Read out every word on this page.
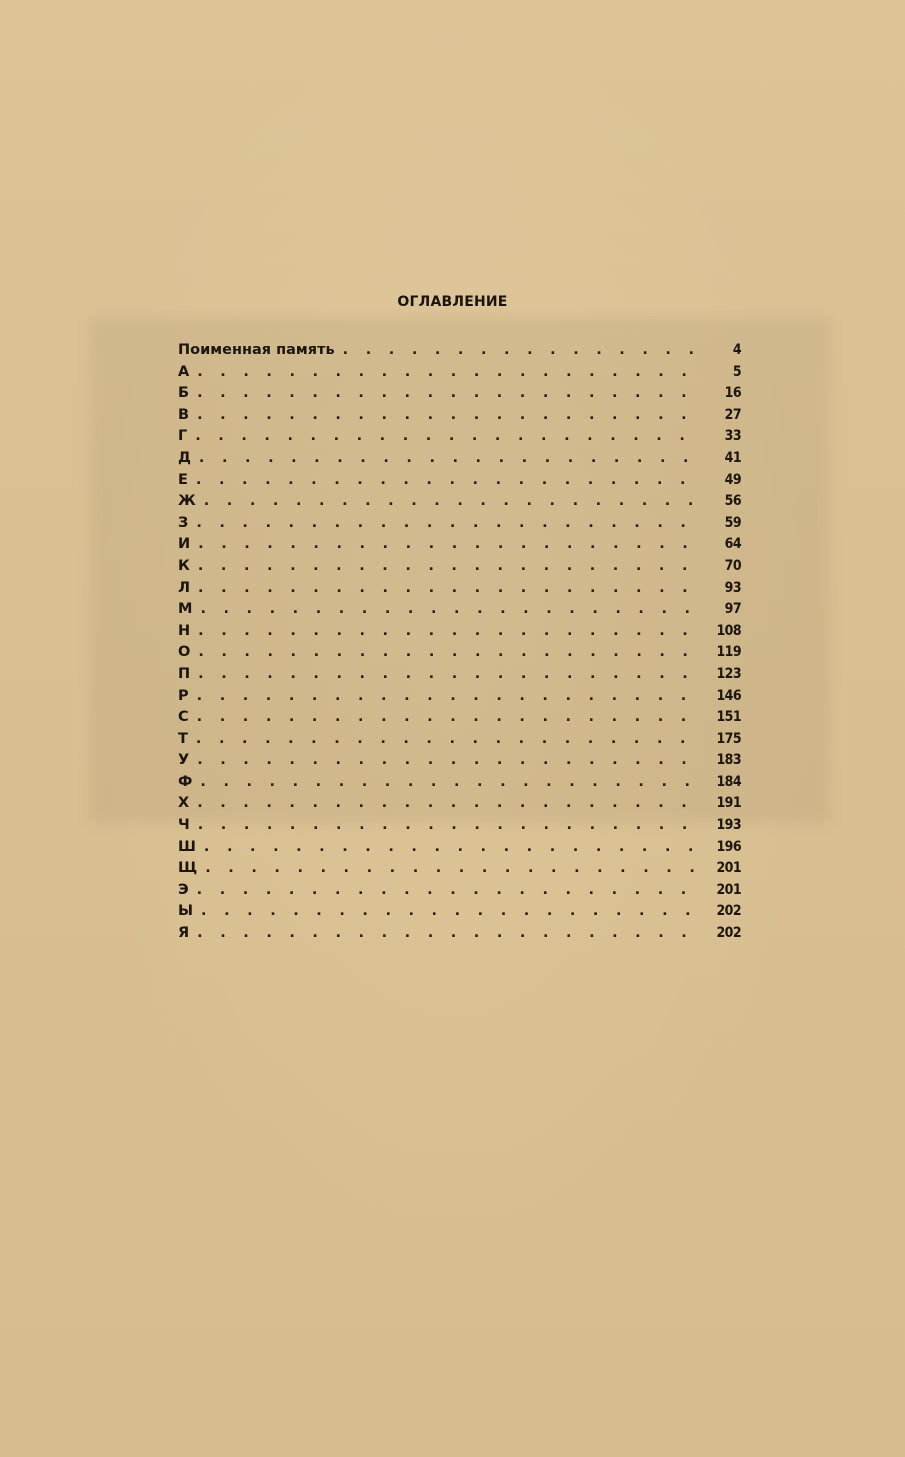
ОГЛАВЛЕНИЕ
Поименная память . .	4
А . .	5
Б . .	16
В . .	27
Г . .	33
Д . .	41
Е . .	49
Ж . .	56
З . .	59
И . .	64
К . .	70
Л . .	93
М . .	97
Н . .	108
О . .	119
П . .	123
Р . .	146
С . .	151
Т . .	175
У . .	183
Ф . .	184
Х . .	191
Ч . .	193
Ш . .	196
Щ . .	201
Э . .	201
Ы . .	202
Я . .	202
